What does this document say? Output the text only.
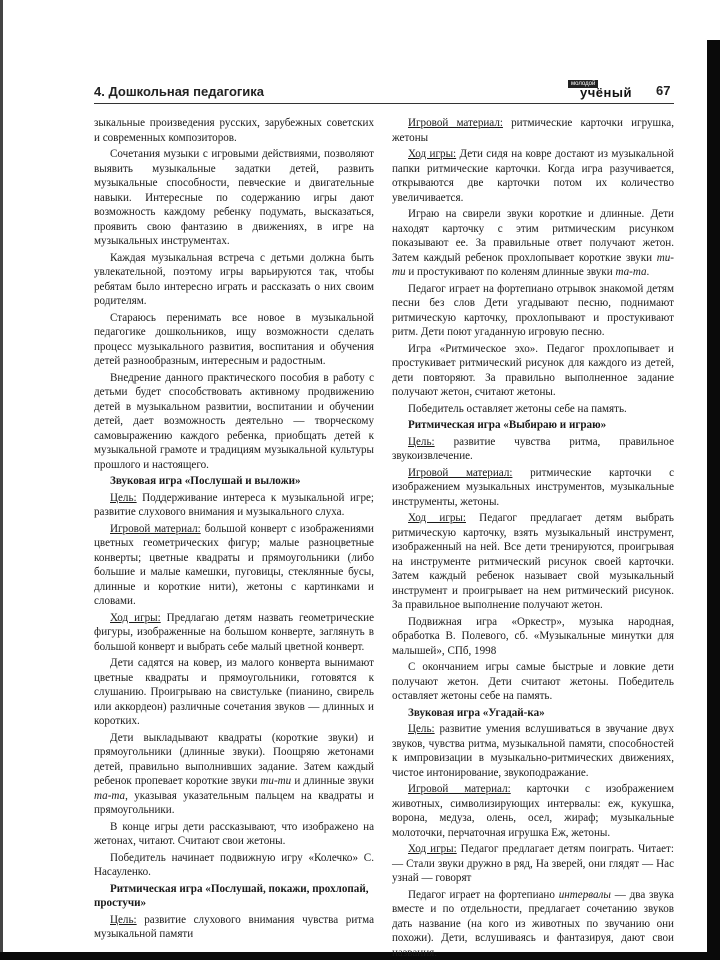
4. Дошкольная педагогика	молодой
учёный 67

зыкальные произведения русских, зарубежных советских и современных композиторов.

Сочетания музыки с игровыми действиями, позволяют выявить музыкальные задатки детей, развить музыкальные способности, певческие и двигательные навыки. Интересные по содержанию игры дают возможность каждому ребенку подумать, высказаться, проявить свою фантазию в движениях, в игре на музыкальных инструментах.

Каждая музыкальная встреча с детьми должна быть увлекательной, поэтому игры варьируются так, чтобы ребятам было интересно играть и рассказать о них своим родителям.

Стараюсь перенимать все новое в музыкальной педагогике дошкольников, ищу возможности сделать процесс музыкального развития, воспитания и обучения детей разнообразным, интересным и радостным.

Внедрение данного практического пособия в работу с детьми будет способствовать активному продвижению детей в музыкальном развитии, воспитании и обучении детей, дает возможность деятельно — творческому самовыражению каждого ребенка, приобщать детей к музыкальной грамоте и традициям музыкальной культуры прошлого и настоящего.

Звуковая игра «Послушай и выложи»

Цель: Поддерживание интереса к музыкальной игре; развитие слухового внимания и музыкального слуха.

Игровой материал: большой конверт с изображениями цветных геометрических фигур; малые разноцветные конверты; цветные квадраты и прямоугольники (либо большие и малые камешки, пуговицы, стеклянные бусы, длинные и короткие нити), жетоны с картинками и словами.

Ход игры: Предлагаю детям назвать геометрические фигуры, изображенные на большом конверте, заглянуть в большой конверт и выбрать себе малый цветной конверт.

Дети садятся на ковер, из малого конверта вынимают цветные квадраты и прямоугольники, готовятся к слушанию. Проигрываю на свистульке (пианино, свирель или аккордеон) различные сочетания звуков — длинных и коротких.

Дети выкладывают квадраты (короткие звуки) и прямоугольники (длинные звуки). Поощряю жетонами детей, правильно выполнивших задание. Затем каждый ребенок пропевает короткие звуки ти-ти и длинные звуки та-та, указывая указательным пальцем на квадраты и прямоугольники.

В конце игры дети рассказывают, что изображено на жетонах, читают. Считают свои жетоны.

Победитель начинает подвижную игру «Колечко» С. Насауленко.

Ритмическая игра «Послушай, покажи, прохлопай, простучи»

Цель: развитие слухового внимания чувства ритма музыкальной памяти

Игровой материал: ритмические карточки игрушка, жетоны

Ход игры: Дети сидя на ковре достают из музыкальной папки ритмические карточки. Когда игра разучивается, открываются две карточки потом их количество увеличивается.

Играю на свирели звуки короткие и длинные. Дети находят карточку с этим ритмическим рисунком показывают ее. За правильные ответ получают жетон. Затем каждый ребенок прохлопывает короткие звуки ти-ти и простукивают по коленям длинные звуки та-та.

Педагог играет на фортепиано отрывок знакомой детям песни без слов Дети угадывают песню, поднимают ритмическую карточку, прохлопывают и простукивают ритм. Дети поют угаданную игровую песню.

Игра «Ритмическое эхо». Педагог прохлопывает и простукивает ритмический рисунок для каждого из детей, дети повторяют. За правильно выполненное задание получают жетон, считают жетоны.

Победитель оставляет жетоны себе на память.

Ритмическая игра «Выбираю и играю»

Цель: развитие чувства ритма, правильное звукоизвлечение.

Игровой материал: ритмические карточки с изображением музыкальных инструментов, музыкальные инструменты, жетоны.

Ход игры: Педагог предлагает детям выбрать ритмическую карточку, взять музыкальный инструмент, изображенный на ней. Все дети тренируются, проигрывая на инструменте ритмический рисунок своей карточки. Затем каждый ребенок называет свой музыкальный инструмент и проигрывает на нем ритмический рисунок. За правильное выполнение получают жетон.

Подвижная игра «Оркестр», музыка народная, обработка В. Полевого, сб. «Музыкальные минутки для малышей», СПб, 1998

С окончанием игры самые быстрые и ловкие дети получают жетон. Дети считают жетоны. Победитель оставляет жетоны себе на память.

Звуковая игра «Угадай-ка»

Цель: развитие умения вслушиваться в звучание двух звуков, чувства ритма, музыкальной памяти, способностей к импровизации в музыкально-ритмических движениях, чистое интонирование, звукоподражание.

Игровой материал: карточки с изображением животных, символизирующих интервалы: еж, кукушка, ворона, медуза, олень, осел, жираф; музыкальные молоточки, перчаточная игрушка Еж, жетоны.

Ход игры: Педагог предлагает детям поиграть. Читает: — Стали звуки дружно в ряд, На зверей, они глядят — Нас узнай — говорят

Педагог играет на фортепиано интервалы — два звука вместе и по отдельности, предлагает сочетанию звуков дать название (на кого из животных по звучанию они похожи). Дети, вслушиваясь и фантазируя, дают свои названия.
